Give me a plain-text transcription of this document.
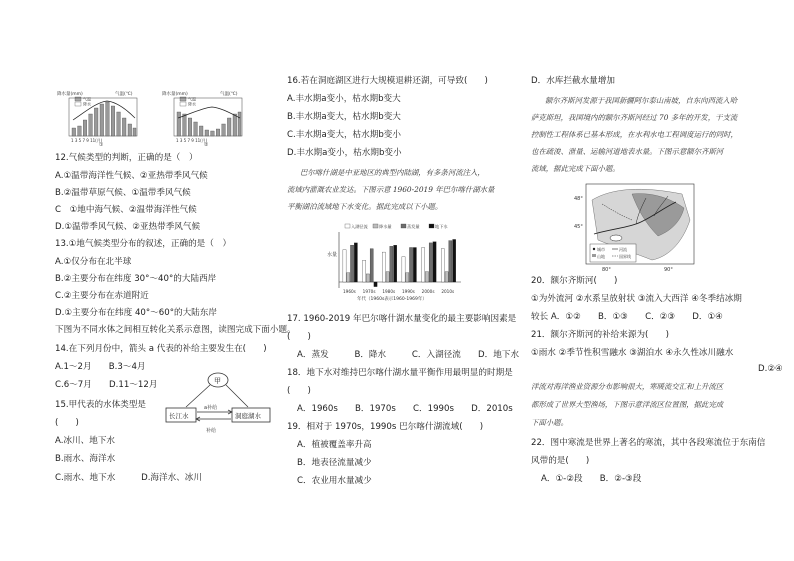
降水量(mm)	气温(℃)
气温
降水
1 3 5 7 9 11(月)
①
降水量(mm)	气温(℃)
气温
降水
1 3 5 7 9 11(月)
②
12.气候类型的判断，正确的是（　）
A.①温带海洋性气候、②亚热带季风气候
B.②温带草原气候、①温带季风气候
C　①地中海气候、②温带海洋性气候
D.①温带季风气候、②亚热带季风气候
13.①地气候类型分布的叙述，正确的是（　）
A.①仅分布在北半球
B.②主要分布在纬度 30°～40°的大陆西岸
C.②主要分布在赤道附近
D.①主要分布在纬度 40°～60°的大陆东岸
下图为不同水体之间相互转化关系示意图，读图完成下面小题。
14.在下列月份中，箭头 a 代表的补给主要发生在(　　)
A.1～2月　　B.3～4月
C.6～7月　　D.11～12月
15.甲代表的水体类型是
(　　)
A.冰川、地下水
B.雨水、海洋水
C.雨水、地下水　　　D.海洋水、冰川
甲
长江水	洞庭湖水
a补给
补给
16.若在洞庭湖区进行大规模退耕还湖，可导致(　　)
A.丰水期a变小，枯水期b变大
B.丰水期a变大，枯水期b变大
C.丰水期a变大，枯水期b变小
D.丰水期a变小，枯水期b变小
巴尔喀什湖是中亚地区的典型内陆湖，有多条河流注入，
流域内灌溉农业发达。下图示意 1960-2019 年巴尔喀什湖水量
平衡湖泊流域地下水变化。据此完成以下小题。
水量
入湖径流	降水量	蒸发量	地下水
1960s 1970s 1980s 1990s 2000s 2010s
年代（1960s表示1960-1969年）
17. 1960-2019 年巴尔喀什湖水量变化的最主要影响因素是
(　　)
A．蒸发　　　B．降水　　　C．入湖径流　　D．地下水
18．地下水对维持巴尔喀什湖水量平衡作用最明显的时期是
(　　)
A．1960s　　B．1970s　　C．1990s　　D．2010s
19．相对于 1970s，1990s 巴尔喀什湖流域(　　)
A．植被覆盖率升高
B．地表径流量减少
C．农业用水量减少
D．水库拦截水量增加
额尔齐斯河发源于我国新疆阿尔泰山南坡，自东向西流入哈
萨克斯坦，我国境内的额尔齐斯河经过 70 多年的开发，干支流
控制性工程体系已基本形成，在水利水电工程调度运行的同时，
也在疏浚、泄量、运输河道地表水量。下图示意额尔齐斯河
流域，据此完成下面小题。
48°
45°
80°	90°
城市	河流
山地	国界线
20．额尔齐斯河(　　)
①为外流河 ②水系呈放射状 ③流入大西洋 ④冬季结冰期
较长 A．①②　　B．①③　　C．②③　　D．①④
21．额尔齐斯河的补给来源为(　　)
①雨水 ②季节性积雪融水 ③湖泊水 ④永久性冰川融水
D.②④
洋流对海洋渔业资源分布影响很大，寒暖流交汇和上升流区
都形成了世界大型渔场，下图示意洋流区位置图，据此完成
下面小题。
22．图中寒流是世界上著名的寒流，其中各段寒流位于东南信
风带的是(　　)
A．①-②段　　B．②-③段
